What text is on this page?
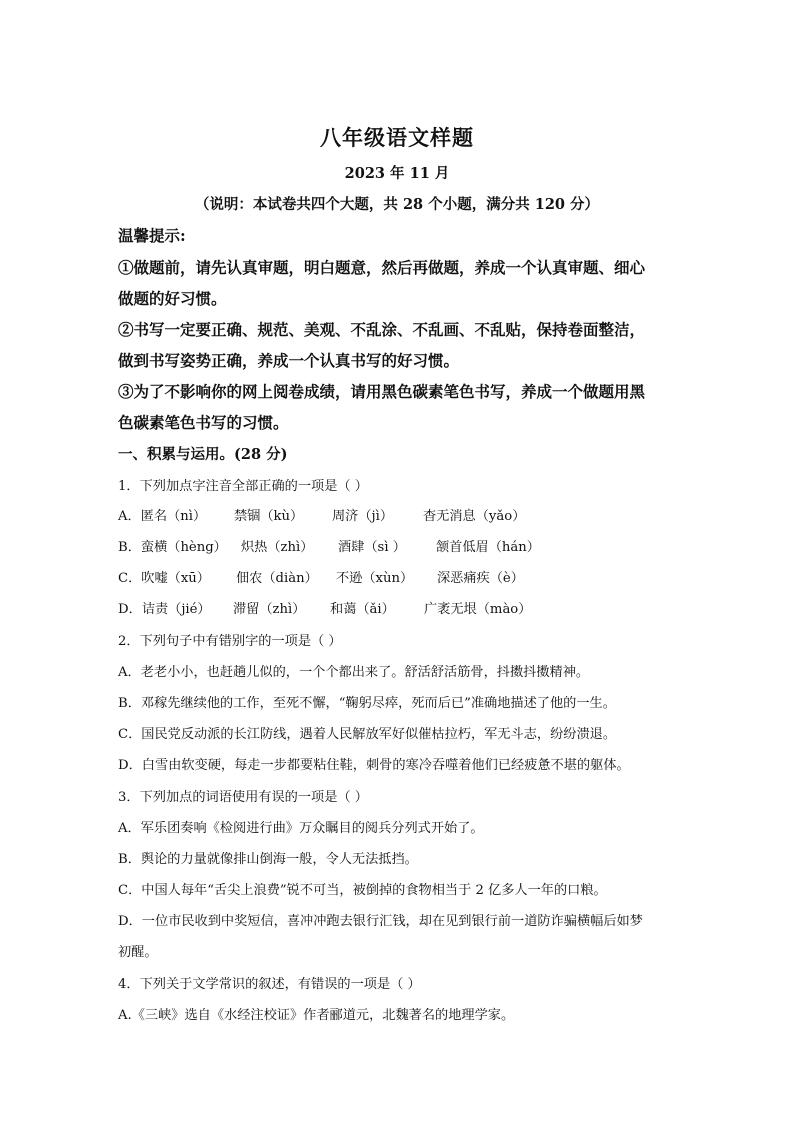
八年级语文样题
2023 年 11 月
（说明：本试卷共四个大题，共 28 个小题，满分共 120 分）
温馨提示:
①做题前，请先认真审题，明白题意，然后再做题，养成一个认真审题、细心
做题的好习惯。
②书写一定要正确、规范、美观、不乱涂、不乱画、不乱贴，保持卷面整洁，
做到书写姿势正确，养成一个认真书写的好习惯。
③为了不影响你的网上阅卷成绩，请用黑色碳素笔色书写，养成一个做题用黑
色碳素笔色书写的习惯。
一、积累与运用。(28 分)
1．下列加点字注音全部正确的一项是（ ）
A．匿名（nì） 禁锢（kù） 周济（jì） 杳无消息（yǎo）
B．蛮横（hèng） 炽热（zhì） 酒肆（sì ） 颔首低眉（hán）
C．吹嘘（xū） 佃农（diàn） 不逊（xùn） 深恶痛疾（è）
D．诘责（jié） 滞留（zhì） 和蔼（ǎi） 广袤无垠（mào）
2．下列句子中有错别字的一项是（ ）
A．老老小小，也赶趟儿似的，一个个都出来了。舒活舒活筋骨，抖擞抖擞精神。
B．邓稼先继续他的工作，至死不懈，“鞠躬尽瘁，死而后已”准确地描述了他的一生。
C．国民党反动派的长江防线，遇着人民解放军好似催枯拉朽，军无斗志，纷纷溃退。
D．白雪由软变硬，每走一步都要粘住鞋，刺骨的寒冷吞噬着他们已经疲惫不堪的躯体。
3．下列加点的词语使用有误的一项是（ ）
A．军乐团奏响《检阅进行曲》万众瞩目的阅兵分列式开始了。
B．舆论的力量就像排山倒海一般，令人无法抵挡。
C．中国人每年“舌尖上浪费”锐不可当，被倒掉的食物相当于 2 亿多人一年的口粮。
D．一位市民收到中奖短信，喜冲冲跑去银行汇钱，却在见到银行前一道防诈骗横幅后如梦
初醒。
4．下列关于文学常识的叙述，有错误的一项是（ ）
A.《三峡》选自《水经注校证》作者郦道元，北魏著名的地理学家。
